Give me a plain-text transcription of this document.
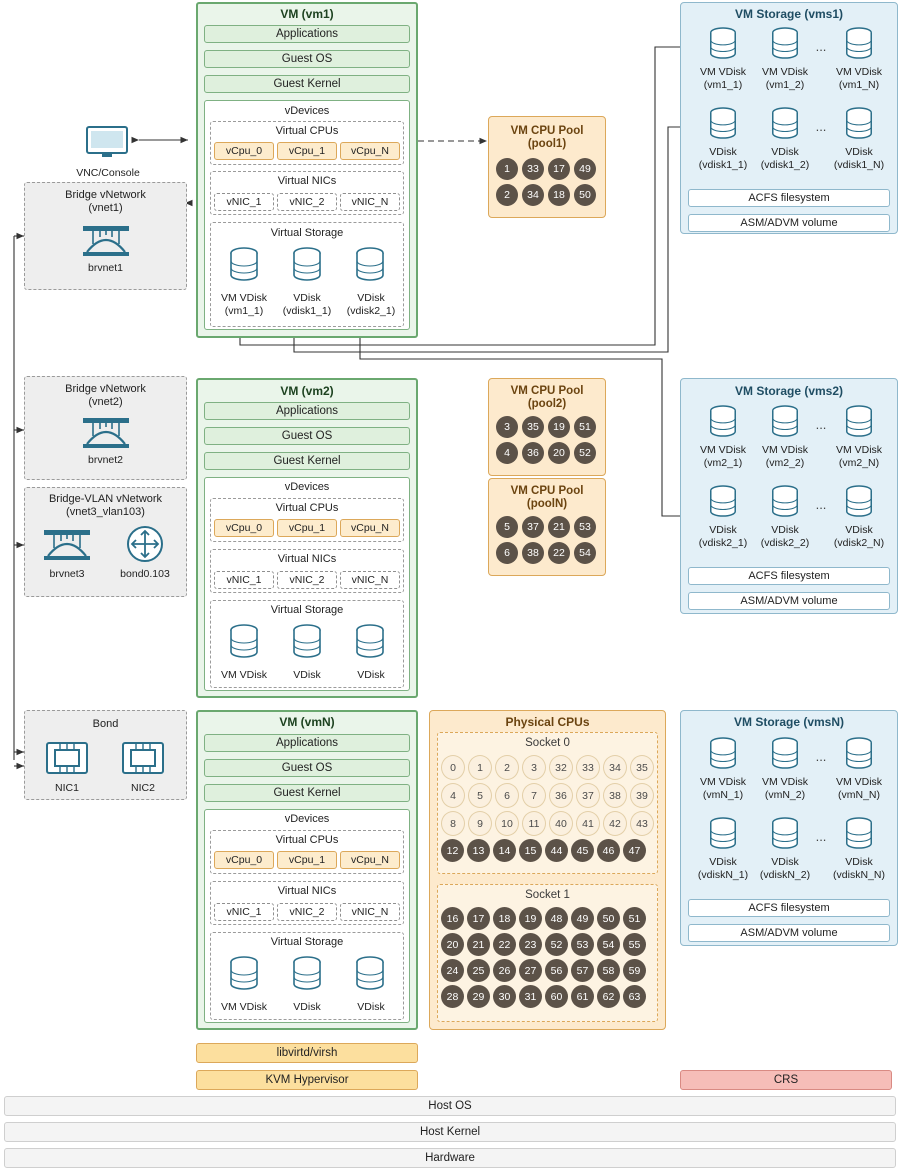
VNC/Console
Bridge vNetwork
(vnet1)
brvnet1
Bridge vNetwork
(vnet2)
brvnet2
Bridge-VLAN vNetwork
(vnet3_vlan103)
brvnet3	bond0.103
Bond
NIC1	NIC2
VM (vm1)
Applications
Guest OS
Guest Kernel
vDevices
Virtual CPUs
vCpu_0	vCpu_1	vCpu_N
Virtual NICs
vNIC_1	vNIC_2	vNIC_N
Virtual Storage
VM VDisk
(vm1_1)
VDisk
(vdisk1_1)
VDisk
(vdisk2_1)
VM (vm2)
Applications
Guest OS
Guest Kernel
vDevices
Virtual CPUs
vCpu_0	vCpu_1	vCpu_N
Virtual NICs
vNIC_1	vNIC_2	vNIC_N
Virtual Storage
VM VDisk	VDisk	VDisk
VM (vmN)
Applications
Guest OS
Guest Kernel
vDevices
Virtual CPUs
vCpu_0	vCpu_1	vCpu_N
Virtual NICs
vNIC_1	vNIC_2	vNIC_N
Virtual Storage
VM VDisk	VDisk	VDisk
VM CPU Pool
(pool1)
1	33	17	49
2	34	18	50
VM CPU Pool
(pool2)
3	35	19	51
4	36	20	52
VM CPU Pool
(poolN)
5	37	21	53
6	38	22	54
Physical CPUs
Socket 0
0	1	2	3	32	33	34	35
4	5	6	7	36	37	38	39
8	9	10	11	40	41	42	43
12	13	14	15	44	45	46	47
Socket 1
16	17	18	19	48	49	50	51
20	21	22	23	52	53	54	55
24	25	26	27	56	57	58	59
28	29	30	31	60	61	62	63
VM Storage (vms1)
...
VM VDisk
(vm1_1)
VM VDisk
(vm1_2)
VM VDisk
(vm1_N)
...
VDisk
(vdisk1_1)
VDisk
(vdisk1_2)
VDisk
(vdisk1_N)
ACFS filesystem
ASM/ADVM volume
VM Storage (vms2)
...
VM VDisk
(vm2_1)
VM VDisk
(vm2_2)
VM VDisk
(vm2_N)
...
VDisk
(vdisk2_1)
VDisk
(vdisk2_2)
VDisk
(vdisk2_N)
ACFS filesystem
ASM/ADVM volume
VM Storage (vmsN)
...
VM VDisk
(vmN_1)
VM VDisk
(vmN_2)
VM VDisk
(vmN_N)
...
VDisk
(vdiskN_1)
VDisk
(vdiskN_2)
VDisk
(vdiskN_N)
ACFS filesystem
ASM/ADVM volume
libvirtd/virsh
KVM Hypervisor	CRS
Host OS
Host Kernel
Hardware
